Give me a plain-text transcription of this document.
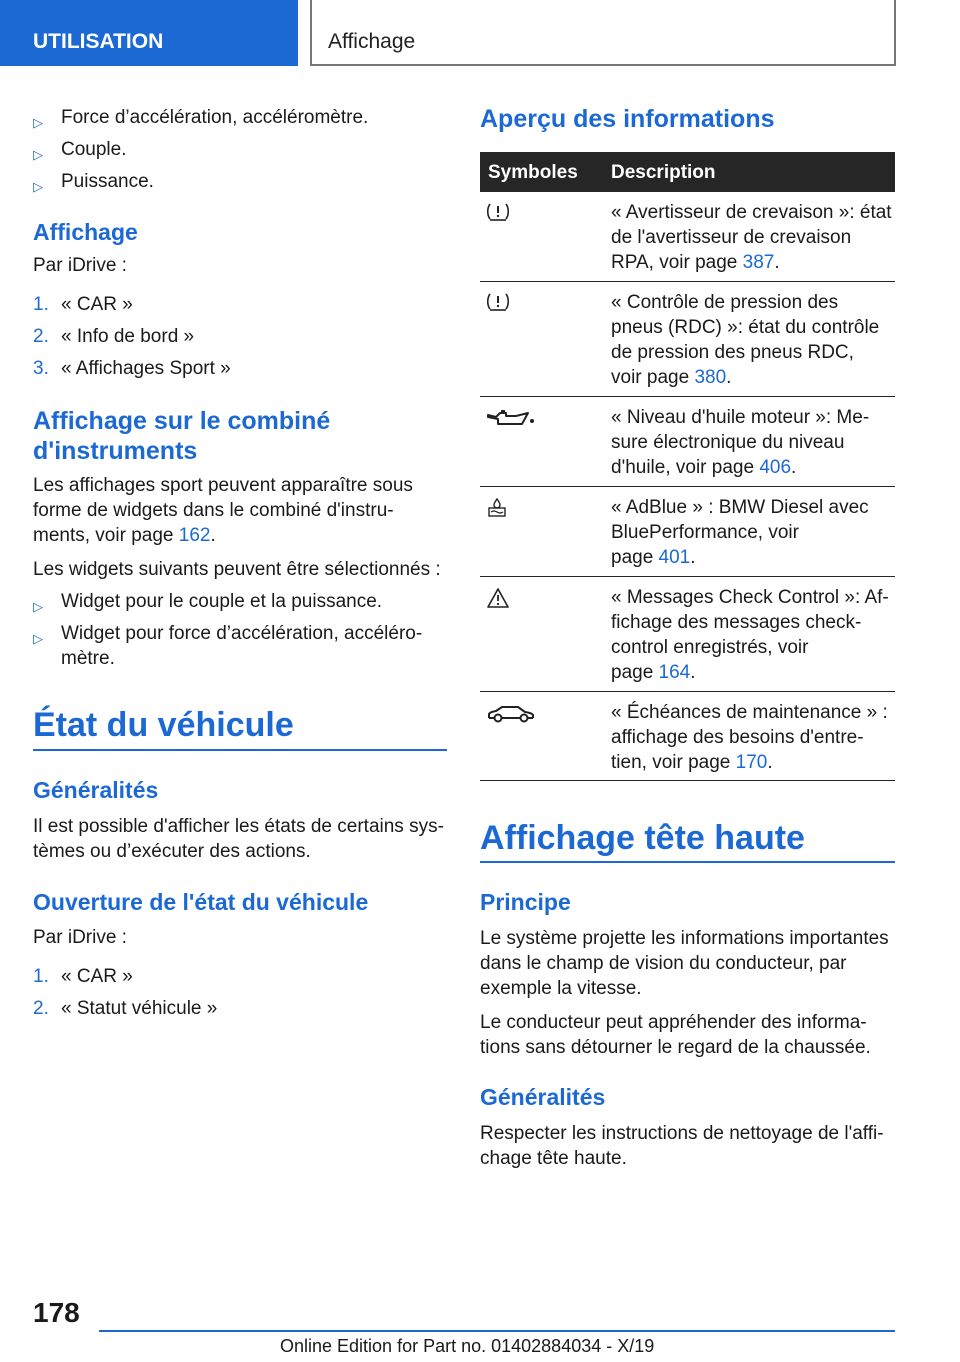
UTILISATION	Affichage
▷ Force d’accélération, accéléromètre.
▷ Couple.
▷ Puissance.
Affichage
Par iDrive :
1. « CAR »
2. « Info de bord »
3. « Affichages Sport »
Affichage sur le combiné
d'instruments
Les affichages sport peuvent apparaître sous
forme de widgets dans le combiné d'instru-
ments, voir page 162.
Les widgets suivants peuvent être sélectionnés :
▷ Widget pour le couple et la puissance.
▷ Widget pour force d’accélération, accéléro-
mètre.
État du véhicule
Généralités
Il est possible d'afficher les états de certains sys-
tèmes ou d’exécuter des actions.
Ouverture de l'état du véhicule
Par iDrive :
1. « CAR »
2. « Statut véhicule »
Aperçu des informations
Symboles Description
« Avertisseur de crevaison »: état
de l'avertisseur de crevaison
RPA, voir page 387.
« Contrôle de pression des
pneus (RDC) »: état du contrôle
de pression des pneus RDC,
voir page 380.
« Niveau d'huile moteur »: Me-
sure électronique du niveau
d'huile, voir page 406.
« AdBlue » : BMW Diesel avec
BluePerformance, voir
page 401.
« Messages Check Control »: Af-
fichage des messages check-
control enregistrés, voir
page 164.
« Échéances de maintenance » :
affichage des besoins d'entre-
tien, voir page 170.
Affichage tête haute
Principe
Le système projette les informations importantes
dans le champ de vision du conducteur, par
exemple la vitesse.
Le conducteur peut appréhender des informa-
tions sans détourner le regard de la chaussée.
Généralités
Respecter les instructions de nettoyage de l'affi-
chage tête haute.
178
Online Edition for Part no. 01402884034 - X/19
